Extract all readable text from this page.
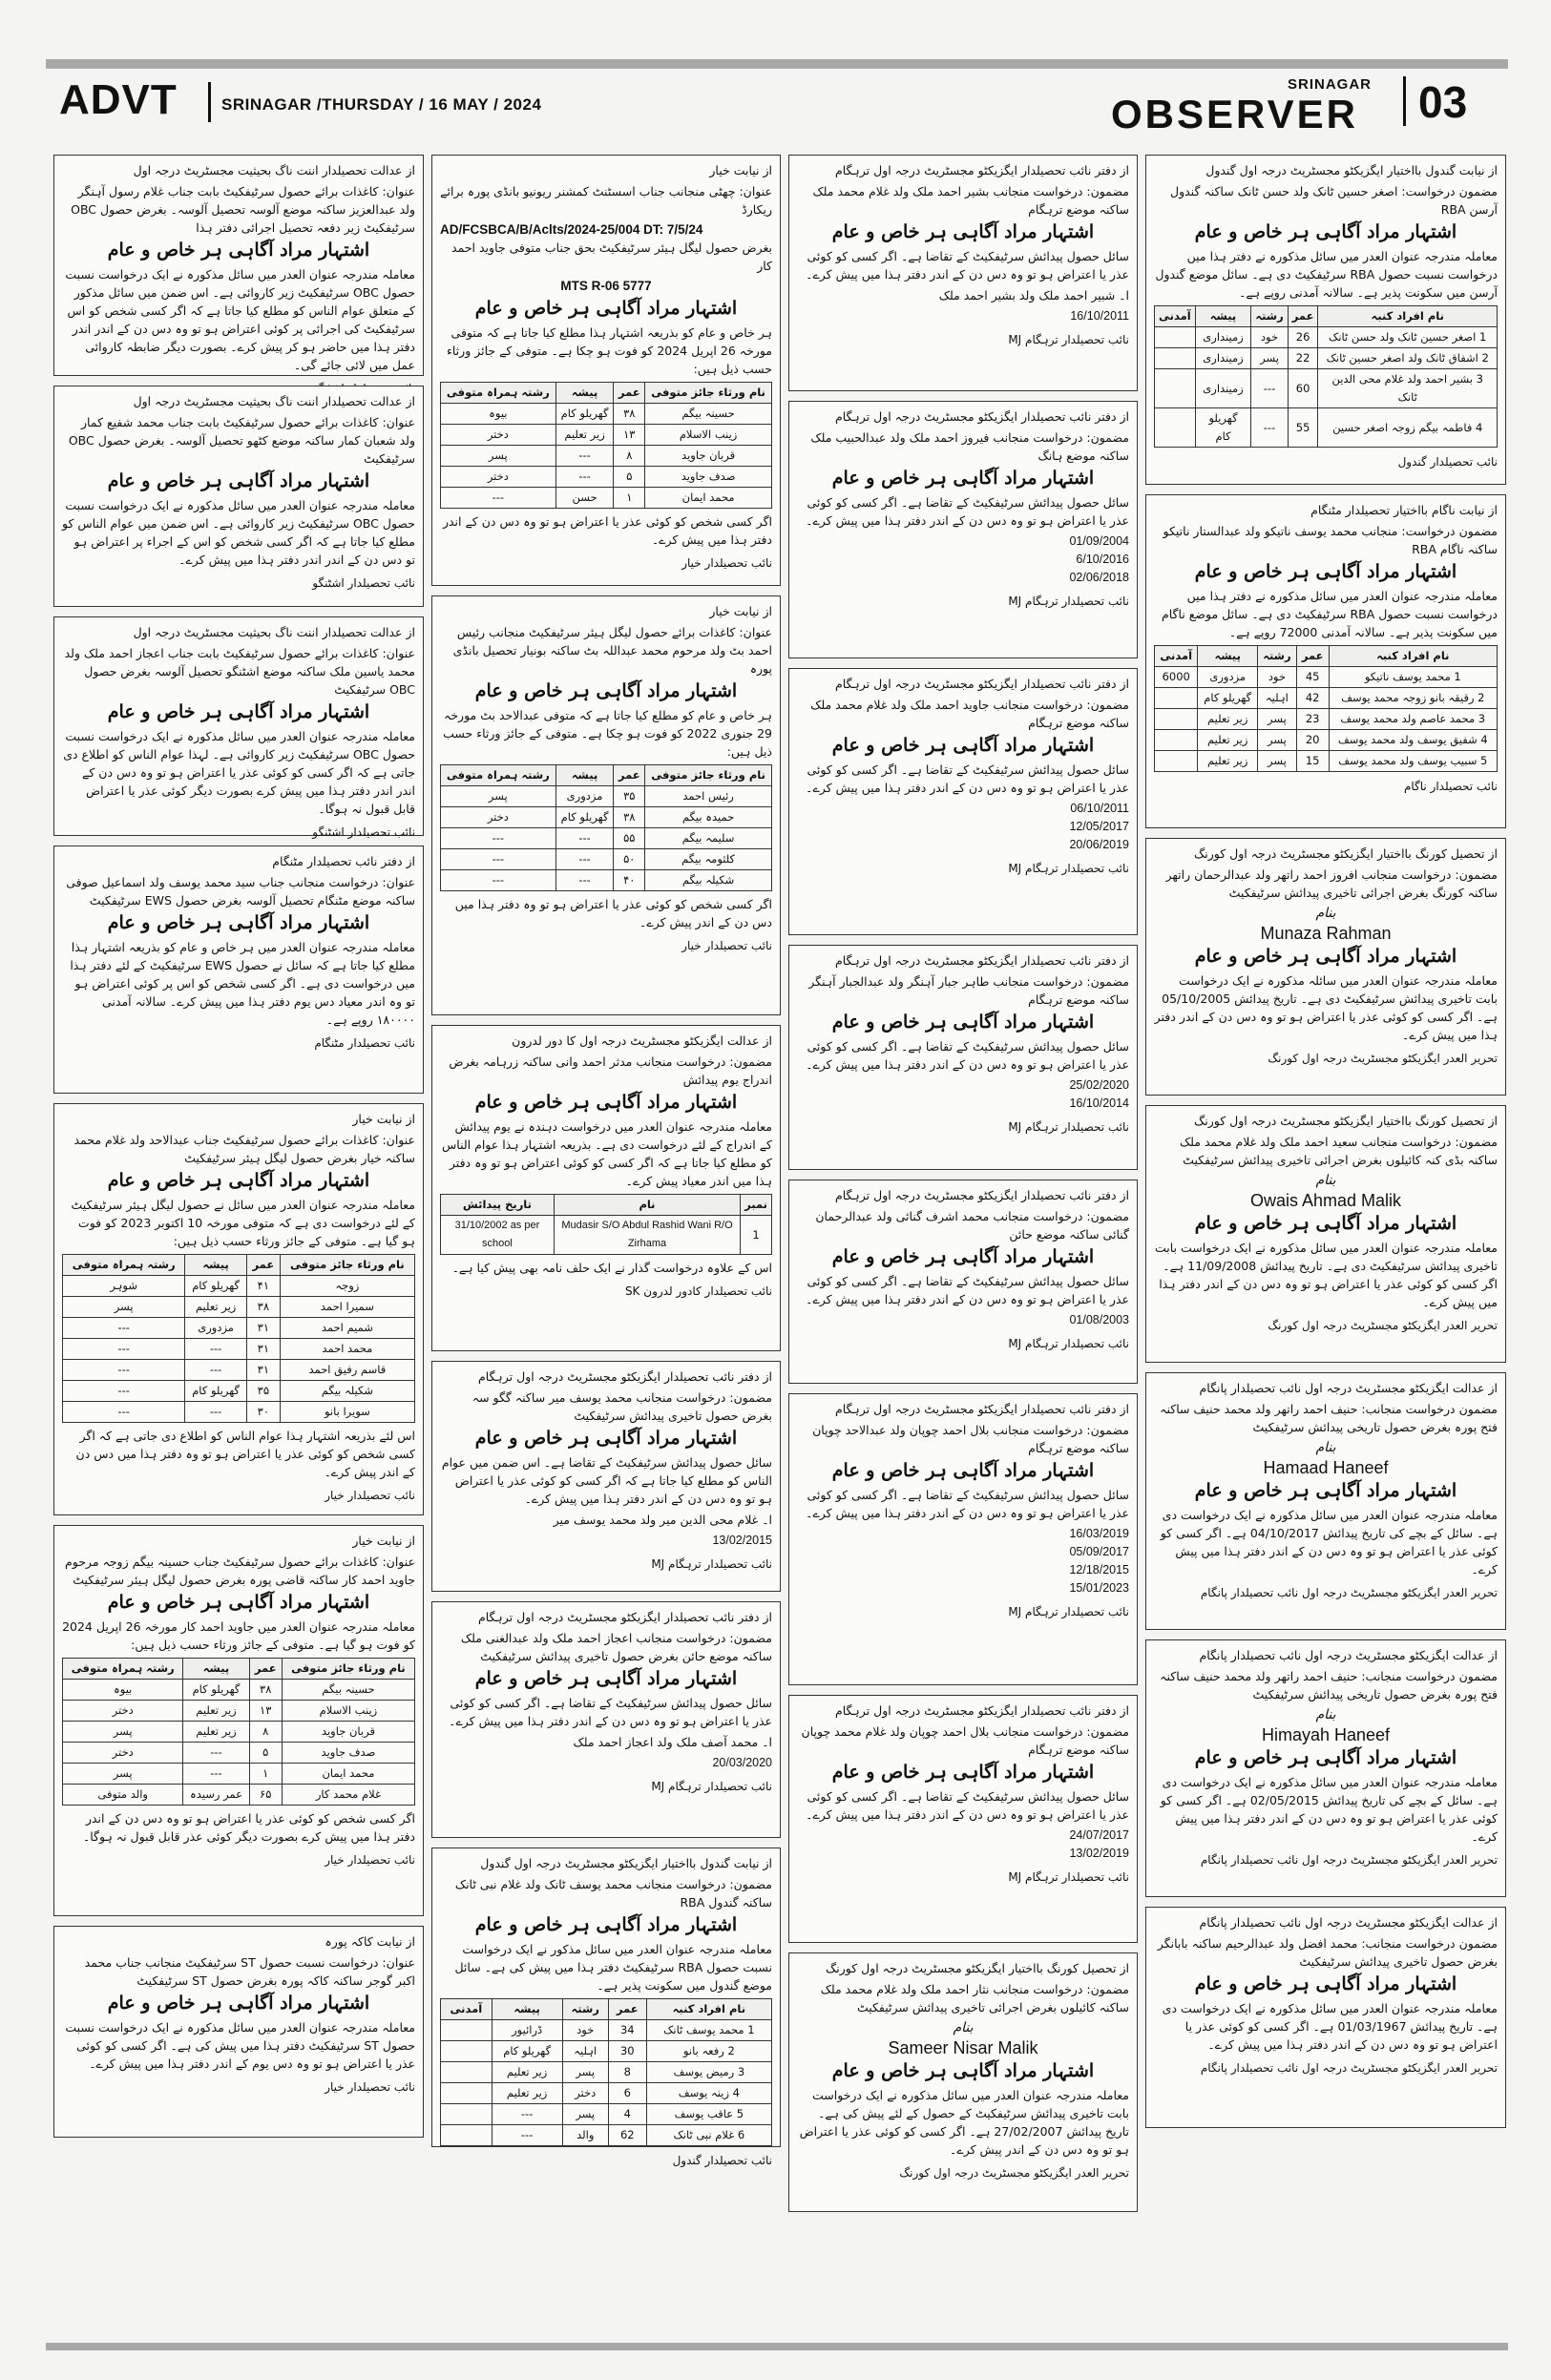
ADVT	SRINAGAR /THURSDAY / 16 MAY / 2024
SRINAGAR
OBSERVER 03

از عدالت تحصیلدار اننت ناگ بحیثیت مجسٹریٹ درجہ اول

عنوان: کاغذات برائے حصول سرٹیفکیٹ بابت جناب غلام رسول آہنگر ولد عبدالعزیز ساکنہ موضع آلوسہ تحصیل آلوسہ۔ بغرض حصول OBC سرٹیفکیٹ زیر دفعہ تحصیل اجرائی دفتر ہذا

اشتہار مراد آگاہی ہر خاص و عام

معاملہ مندرجہ عنوان العدر میں سائل مذکورہ نے ایک درخواست نسبت حصول OBC سرٹیفکیٹ زیر کاروائی ہے۔ اس ضمن میں سائل مذکور کے متعلق عوام الناس کو مطلع کیا جاتا ہے کہ اگر کسی شخص کو اس سرٹیفکیٹ کی اجرائی پر کوئی اعتراض ہو تو وہ دس دن کے اندر اندر دفتر ہذا میں حاضر ہو کر پیش کرے۔ بصورت دیگر ضابطہ کاروائی عمل میں لائی جائے گی۔

از عدالت تحصیلدار اننت ناگ بحیثیت مجسٹریٹ درجہ اول

عنوان: کاغذات برائے حصول سرٹیفکیٹ بابت جناب محمد شفیع کمار ولد شعبان کمار ساکنہ موضع کٹھو تحصیل آلوسہ۔ بغرض حصول OBC سرٹیفکیٹ

اشتہار مراد آگاہی ہر خاص و عام

معاملہ مندرجہ عنوان العدر میں سائل مذکورہ نے ایک درخواست نسبت حصول OBC سرٹیفکیٹ زیر کاروائی ہے۔ اس ضمن میں عوام الناس کو مطلع کیا جاتا ہے کہ اگر کسی شخص کو اس کے اجراء پر اعتراض ہو تو دس دن کے اندر اندر دفتر ہذا میں پیش کرے۔

نائب تحصیلدار اشٹنگو

از عدالت تحصیلدار اننت ناگ بحیثیت مجسٹریٹ درجہ اول

عنوان: کاغذات برائے حصول سرٹیفکیٹ بابت جناب اعجاز احمد ملک ولد محمد یاسین ملک ساکنہ موضع اشٹنگو تحصیل آلوسہ بغرض حصول OBC سرٹیفکیٹ

اشتہار مراد آگاہی ہر خاص و عام

معاملہ مندرجہ عنوان العدر میں سائل مذکورہ نے ایک درخواست نسبت حصول OBC سرٹیفکیٹ زیر کاروائی ہے۔ لہذا عوام الناس کو اطلاع دی جاتی ہے کہ اگر کسی کو کوئی عذر یا اعتراض ہو تو وہ دس دن کے اندر اندر دفتر ہذا میں پیش کرے بصورت دیگر کوئی عذر یا اعتراض قابل قبول نہ ہوگا۔

نائب تحصیلدار اشٹنگو

از دفتر نائب تحصیلدار مٹنگام

عنوان: درخواست منجانب جناب سید محمد یوسف ولد اسماعیل صوفی ساکنہ موضع مٹنگام تحصیل آلوسہ بغرض حصول EWS سرٹیفکیٹ

اشتہار مراد آگاہی ہر خاص و عام

معاملہ مندرجہ عنوان العدر میں ہر خاص و عام کو بذریعہ اشتہار ہذا مطلع کیا جاتا ہے کہ سائل نے حصول EWS سرٹیفکیٹ کے لئے دفتر ہذا میں درخواست دی ہے۔ اگر کسی شخص کو اس پر کوئی اعتراض ہو تو وہ اندر معیاد دس یوم دفتر ہذا میں پیش کرے۔ سالانہ آمدنی ۱۸۰۰۰۰ روپے ہے۔

نائب تحصیلدار مٹنگام

از نیابت خیار

عنوان: کاغذات برائے حصول سرٹیفکیٹ جناب عبدالاحد ولد غلام محمد ساکنہ خیار بغرض حصول لیگل ہیئر سرٹیفکیٹ

اشتہار مراد آگاہی ہر خاص و عام

معاملہ مندرجہ عنوان العدر میں سائل نے حصول لیگل ہیئر سرٹیفکیٹ کے لئے درخواست دی ہے کہ متوفی مورخہ 10 اکتوبر 2023 کو فوت ہو گیا ہے۔ متوفی کے جائز ورثاء حسب ذیل ہیں:

نام ورثاء جائز متوفی	عمر	پیشہ	رشتہ ہمراہ متوفی
زوجہ	۴۱	گھریلو کام	شوہر
سمیرا احمد	۳۸	زیر تعلیم	پسر
شمیم احمد	۳۱	مزدوری	---
محمد احمد	۳۱	---	---
قاسم رفیق احمد	۳۱	---	---
شکیلہ بیگم	۳۵	گھریلو کام	---
سویرا بانو	۳۰	---	---

اس لئے بذریعہ اشتہار ہذا عوام الناس کو اطلاع دی جاتی ہے کہ اگر کسی شخص کو کوئی عذر یا اعتراض ہو تو وہ دفتر ہذا میں دس دن کے اندر پیش کرے۔

نائب تحصیلدار خیار

از نیابت خیار

عنوان: کاغذات برائے حصول سرٹیفکیٹ جناب حسینہ بیگم زوجہ مرحوم جاوید احمد کار ساکنہ قاضی پورہ بغرض حصول لیگل ہیئر سرٹیفکیٹ

اشتہار مراد آگاہی ہر خاص و عام

معاملہ مندرجہ عنوان العدر میں جاوید احمد کار مورخہ 26 اپریل 2024 کو فوت ہو گیا ہے۔ متوفی کے جائز ورثاء حسب ذیل ہیں:

نام ورثاء جائز متوفی	عمر	پیشہ	رشتہ ہمراہ متوفی
حسینہ بیگم	۳۸	گھریلو کام	بیوہ
زینب الاسلام	۱۳	زیر تعلیم	دختر
قربان جاوید	۸	زیر تعلیم	پسر
صدف جاوید	۵	---	دختر
محمد ایمان	۱	---	پسر
غلام محمد کار	۶۵	عمر رسیدہ	والد متوفی

اگر کسی شخص کو کوئی عذر یا اعتراض ہو تو وہ دس دن کے اندر دفتر ہذا میں پیش کرے بصورت دیگر کوئی عذر قابل قبول نہ ہوگا۔

نائب تحصیلدار خیار

از نیابت کاکہ پورہ

عنوان: درخواست نسبت حصول ST سرٹیفکیٹ منجانب جناب محمد اکبر گوجر ساکنہ کاکہ پورہ بغرض حصول ST سرٹیفکیٹ

اشتہار مراد آگاہی ہر خاص و عام

معاملہ مندرجہ عنوان العدر میں سائل مذکورہ نے ایک درخواست نسبت حصول ST سرٹیفکیٹ دفتر ہذا میں پیش کی ہے۔ اگر کسی کو کوئی عذر یا اعتراض ہو تو وہ دس یوم کے اندر دفتر ہذا میں پیش کرے۔

نائب تحصیلدار خیار

از نیابت خیار

عنوان: چھٹی منجانب جناب اسسٹنٹ کمشنر ریونیو بانڈی پورہ برائے ریکارڈ

AD/FCSBCA/B/Aclts/2024-25/004 DT: 7/5/24

بغرض حصول لیگل ہیئر سرٹیفکیٹ بحق جناب متوفی جاوید احمد کار

MTS R-06 5777
اشتہار مراد آگاہی ہر خاص و عام

ہر خاص و عام کو بذریعہ اشتہار ہذا مطلع کیا جاتا ہے کہ متوفی مورخہ 26 اپریل 2024 کو فوت ہو چکا ہے۔ متوفی کے جائز ورثاء حسب ذیل ہیں:

نام ورثاء جائز متوفی	عمر	پیشہ	رشتہ ہمراہ متوفی
حسینہ بیگم	۳۸	گھریلو کام	بیوہ
زینب الاسلام	۱۳	زیر تعلیم	دختر
قربان جاوید	۸	---	پسر
صدف جاوید	۵	---	دختر
محمد ایمان	۱	حسن	---

اگر کسی شخص کو کوئی عذر یا اعتراض ہو تو وہ دس دن کے اندر دفتر ہذا میں پیش کرے۔

نائب تحصیلدار خیار

از نیابت خیار

عنوان: کاغذات برائے حصول لیگل ہیئر سرٹیفکیٹ منجانب رئیس احمد بٹ ولد مرحوم محمد عبداللہ بٹ ساکنہ بونیار تحصیل بانڈی پورہ

اشتہار مراد آگاہی ہر خاص و عام

ہر خاص و عام کو مطلع کیا جاتا ہے کہ متوفی عبدالاحد بٹ مورخہ 29 جنوری 2022 کو فوت ہو چکا ہے۔ متوفی کے جائز ورثاء حسب ذیل ہیں:

نام ورثاء جائز متوفی	عمر	پیشہ	رشتہ ہمراہ متوفی
رئیس احمد	۳۵	مزدوری	پسر
حمیدہ بیگم	۳۸	گھریلو کام	دختر
سلیمہ بیگم	۵۵	---	---
کلثومہ بیگم	۵۰	---	---
شکیلہ بیگم	۴۰	---	---

اگر کسی شخص کو کوئی عذر یا اعتراض ہو تو وہ دفتر ہذا میں دس دن کے اندر پیش کرے۔

نائب تحصیلدار خیار

از عدالت ایگزیکٹو مجسٹریٹ درجہ اول کا دور لدرون

مضمون: درخواست منجانب مدثر احمد وانی ساکنہ زرہامہ بغرض اندراج یوم پیدائش

اشتہار مراد آگاہی ہر خاص و عام

معاملہ مندرجہ عنوان العدر میں درخواست دہندہ نے یوم پیدائش کے اندراج کے لئے درخواست دی ہے۔ بذریعہ اشتہار ہذا عوام الناس کو مطلع کیا جاتا ہے کہ اگر کسی کو کوئی اعتراض ہو تو وہ دفتر ہذا میں اندر معیاد پیش کرے۔

نمبر	نام	تاریخ پیدائش
1	Mudasir S/O Abdul Rashid Wani R/O Zirhama	31/10/2002 as per school

اس کے علاوہ درخواست گذار نے ایک حلف نامہ بھی پیش کیا ہے۔

نائب تحصیلدار کادور لدرون SK

از دفتر نائب تحصیلدار ایگزیکٹو مجسٹریٹ درجہ اول ترہگام

مضمون: درخواست منجانب محمد یوسف میر ساکنہ گگو سہ بغرض حصول تاخیری پیدائش سرٹیفکیٹ

اشتہار مراد آگاہی ہر خاص و عام

سائل حصول پیدائش سرٹیفکیٹ کے تقاضا ہے۔ اس ضمن میں عوام الناس کو مطلع کیا جاتا ہے کہ اگر کسی کو کوئی عذر یا اعتراض ہو تو وہ دس دن کے اندر دفتر ہذا میں پیش کرے۔

ا۔ غلام محی الدین میر ولد محمد یوسف میر

13/02/2015
نائب تحصیلدار ترہگام MJ

از دفتر نائب تحصیلدار ایگزیکٹو مجسٹریٹ درجہ اول ترہگام

مضمون: درخواست منجانب اعجاز احمد ملک ولد عبدالغنی ملک ساکنہ موضع حائن بغرض حصول تاخیری پیدائش سرٹیفکیٹ

اشتہار مراد آگاہی ہر خاص و عام

سائل حصول پیدائش سرٹیفکیٹ کے تقاضا ہے۔ اگر کسی کو کوئی عذر یا اعتراض ہو تو وہ دس دن کے اندر دفتر ہذا میں پیش کرے۔

ا۔ محمد آصف ملک ولد اعجاز احمد ملک

20/03/2020
نائب تحصیلدار ترہگام MJ

از نیابت گندول بااختیار ایگزیکٹو مجسٹریٹ درجہ اول گندول

مضمون: درخواست منجانب محمد یوسف ٹانک ولد غلام نبی ٹانک ساکنہ گندول RBA

اشتہار مراد آگاہی ہر خاص و عام

معاملہ مندرجہ عنوان العدر میں سائل مذکور نے ایک درخواست نسبت حصول RBA سرٹیفکیٹ دفتر ہذا میں پیش کی ہے۔ سائل موضع گندول میں سکونت پذیر ہے۔

نام افراد کنبہ	عمر	رشتہ	پیشہ	آمدنی
1 محمد یوسف ٹانک	34	خود	ڈرائیور	
2 رفعہ بانو	30	اہلیہ	گھریلو کام	
3 رمیض یوسف	8	پسر	زیر تعلیم	
4 زینہ یوسف	6	دختر	زیر تعلیم	
5 عاقب یوسف	4	پسر	---	
6 غلام نبی ٹانک	62	والد	---	
نائب تحصیلدار گندول

از دفتر نائب تحصیلدار ایگزیکٹو مجسٹریٹ درجہ اول ترہگام

مضمون: درخواست منجانب بشیر احمد ملک ولد غلام محمد ملک ساکنہ موضع ترہگام

اشتہار مراد آگاہی ہر خاص و عام

سائل حصول پیدائش سرٹیفکیٹ کے تقاضا ہے۔ اگر کسی کو کوئی عذر یا اعتراض ہو تو وہ دس دن کے اندر دفتر ہذا میں پیش کرے۔

ا۔ شبیر احمد ملک ولد بشیر احمد ملک

16/10/2011
نائب تحصیلدار ترہگام MJ

از دفتر نائب تحصیلدار ایگزیکٹو مجسٹریٹ درجہ اول ترہگام

مضمون: درخواست منجانب فیروز احمد ملک ولد عبدالحبیب ملک ساکنہ موضع ہانگ

اشتہار مراد آگاہی ہر خاص و عام

سائل حصول پیدائش سرٹیفکیٹ کے تقاضا ہے۔ اگر کسی کو کوئی عذر یا اعتراض ہو تو وہ دس دن کے اندر دفتر ہذا میں پیش کرے۔

01/09/2004
6/10/2016
02/06/2018
نائب تحصیلدار ترہگام MJ

از دفتر نائب تحصیلدار ایگزیکٹو مجسٹریٹ درجہ اول ترہگام

مضمون: درخواست منجانب جاوید احمد ملک ولد غلام محمد ملک ساکنہ موضع ترہگام

اشتہار مراد آگاہی ہر خاص و عام

سائل حصول پیدائش سرٹیفکیٹ کے تقاضا ہے۔ اگر کسی کو کوئی عذر یا اعتراض ہو تو وہ دس دن کے اندر دفتر ہذا میں پیش کرے۔

06/10/2011
12/05/2017
20/06/2019
نائب تحصیلدار ترہگام MJ

از دفتر نائب تحصیلدار ایگزیکٹو مجسٹریٹ درجہ اول ترہگام

مضمون: درخواست منجانب طاہر جبار آہنگر ولد عبدالجبار آہنگر ساکنہ موضع ترہگام

اشتہار مراد آگاہی ہر خاص و عام

سائل حصول پیدائش سرٹیفکیٹ کے تقاضا ہے۔ اگر کسی کو کوئی عذر یا اعتراض ہو تو وہ دس دن کے اندر دفتر ہذا میں پیش کرے۔

25/02/2020
16/10/2014
نائب تحصیلدار ترہگام MJ

از دفتر نائب تحصیلدار ایگزیکٹو مجسٹریٹ درجہ اول ترہگام

مضمون: درخواست منجانب محمد اشرف گنائی ولد عبدالرحمان گنائی ساکنہ موضع حائن

اشتہار مراد آگاہی ہر خاص و عام

سائل حصول پیدائش سرٹیفکیٹ کے تقاضا ہے۔ اگر کسی کو کوئی عذر یا اعتراض ہو تو وہ دس دن کے اندر دفتر ہذا میں پیش کرے۔

01/08/2003
نائب تحصیلدار ترہگام MJ

از دفتر نائب تحصیلدار ایگزیکٹو مجسٹریٹ درجہ اول ترہگام

مضمون: درخواست منجانب بلال احمد چوپان ولد عبدالاحد چوپان ساکنہ موضع ترہگام

اشتہار مراد آگاہی ہر خاص و عام

سائل حصول پیدائش سرٹیفکیٹ کے تقاضا ہے۔ اگر کسی کو کوئی عذر یا اعتراض ہو تو وہ دس دن کے اندر دفتر ہذا میں پیش کرے۔

16/03/2019
05/09/2017
12/18/2015
15/01/2023
نائب تحصیلدار ترہگام MJ

از دفتر نائب تحصیلدار ایگزیکٹو مجسٹریٹ درجہ اول ترہگام

مضمون: درخواست منجانب بلال احمد چوپان ولد غلام محمد چوپان ساکنہ موضع ترہگام

اشتہار مراد آگاہی ہر خاص و عام

سائل حصول پیدائش سرٹیفکیٹ کے تقاضا ہے۔ اگر کسی کو کوئی عذر یا اعتراض ہو تو وہ دس دن کے اندر دفتر ہذا میں پیش کرے۔

24/07/2017
13/02/2019
نائب تحصیلدار ترہگام MJ

از تحصیل کورنگ بااختیار ایگزیکٹو مجسٹریٹ درجہ اول کورنگ

مضمون: درخواست منجانب نثار احمد ملک ولد غلام محمد ملک ساکنہ کائیلوں بغرض اجرائی تاخیری پیدائش سرٹیفکیٹ

بنام
Sameer Nisar Malik
اشتہار مراد آگاہی ہر خاص و عام

معاملہ مندرجہ عنوان العدر میں سائل مذکورہ نے ایک درخواست بابت تاخیری پیدائش سرٹیفکیٹ کے حصول کے لئے پیش کی ہے۔ تاریخ پیدائش 27/02/2007 ہے۔ اگر کسی کو کوئی عذر یا اعتراض ہو تو وہ دس دن کے اندر پیش کرے۔

تحریر العدر ایگزیکٹو مجسٹریٹ درجہ اول کورنگ

از نیابت گندول بااختیار ایگزیکٹو مجسٹریٹ درجہ اول گندول

مضمون درخواست: اصغر حسین ٹانک ولد حسن ٹانک ساکنہ گندول آرسن RBA

اشتہار مراد آگاہی ہر خاص و عام

معاملہ مندرجہ عنوان العدر میں سائل مذکورہ نے دفتر ہذا میں درخواست نسبت حصول RBA سرٹیفکیٹ دی ہے۔ سائل موضع گندول آرسن میں سکونت پذیر ہے۔ سالانہ آمدنی روپے ہے۔

نام افراد کنبہ	عمر	رشتہ	پیشہ	آمدنی
1 اصغر حسین ٹانک ولد حسن ٹانک	26	خود	زمینداری	
2 اشفاق ٹانک ولد اصغر حسین ٹانک	22	پسر	زمینداری	
3 بشیر احمد ولد غلام محی الدین ٹانک	60	---	زمینداری	
4 فاطمہ بیگم زوجہ اصغر حسین	55	---	گھریلو کام	
نائب تحصیلدار گندول

از نیابت ناگام بااختیار تحصیلدار مٹنگام

مضمون درخواست: منجانب محمد یوسف ناتیکو ولد عبدالستار ناتیکو ساکنہ ناگام RBA

اشتہار مراد آگاہی ہر خاص و عام

معاملہ مندرجہ عنوان العدر میں سائل مذکورہ نے دفتر ہذا میں درخواست نسبت حصول RBA سرٹیفکیٹ دی ہے۔ سائل موضع ناگام میں سکونت پذیر ہے۔ سالانہ آمدنی 72000 روپے ہے۔

نام افراد کنبہ	عمر	رشتہ	پیشہ	آمدنی
1 محمد یوسف ناتیکو	45	خود	مزدوری	6000
2 رقیقہ بانو زوجہ محمد یوسف	42	اہلیہ	گھریلو کام	
3 محمد عاصم ولد محمد یوسف	23	پسر	زیر تعلیم	
4 شفیق یوسف ولد محمد یوسف	20	پسر	زیر تعلیم	
5 سبیب یوسف ولد محمد یوسف	15	پسر	زیر تعلیم	
نائب تحصیلدار ناگام

از تحصیل کورنگ بااختیار ایگزیکٹو مجسٹریٹ درجہ اول کورنگ

مضمون: درخواست منجانب افروز احمد راتھر ولد عبدالرحمان راتھر ساکنہ کورنگ بغرض اجرائی تاخیری پیدائش سرٹیفکیٹ

بنام
Munaza Rahman
اشتہار مراد آگاہی ہر خاص و عام

معاملہ مندرجہ عنوان العدر میں سائلہ مذکورہ نے ایک درخواست بابت تاخیری پیدائش سرٹیفکیٹ دی ہے۔ تاریخ پیدائش 05/10/2005 ہے۔ اگر کسی کو کوئی عذر یا اعتراض ہو تو وہ دس دن کے اندر دفتر ہذا میں پیش کرے۔

تحریر العدر ایگزیکٹو مجسٹریٹ درجہ اول کورنگ

از تحصیل کورنگ بااختیار ایگزیکٹو مجسٹریٹ درجہ اول کورنگ

مضمون: درخواست منجانب سعید احمد ملک ولد غلام محمد ملک ساکنہ بڈی کنہ کائیلوں بغرض اجرائی تاخیری پیدائش سرٹیفکیٹ

بنام
Owais Ahmad Malik
اشتہار مراد آگاہی ہر خاص و عام

معاملہ مندرجہ عنوان العدر میں سائل مذکورہ نے ایک درخواست بابت تاخیری پیدائش سرٹیفکیٹ دی ہے۔ تاریخ پیدائش 11/09/2008 ہے۔ اگر کسی کو کوئی عذر یا اعتراض ہو تو وہ دس دن کے اندر دفتر ہذا میں پیش کرے۔

تحریر العدر ایگزیکٹو مجسٹریٹ درجہ اول کورنگ

از عدالت ایگزیکٹو مجسٹریٹ درجہ اول نائب تحصیلدار پانگام

مضمون درخواست منجانب: حنیف احمد راتھر ولد محمد حنیف ساکنہ فتح پورہ بغرض حصول تاریخی پیدائش سرٹیفکیٹ

بنام
Hamaad Haneef
اشتہار مراد آگاہی ہر خاص و عام

معاملہ مندرجہ عنوان العدر میں سائل مذکورہ نے ایک درخواست دی ہے۔ سائل کے بچے کی تاریخ پیدائش 04/10/2017 ہے۔ اگر کسی کو کوئی عذر یا اعتراض ہو تو وہ دس دن کے اندر دفتر ہذا میں پیش کرے۔

تحریر العدر ایگزیکٹو مجسٹریٹ درجہ اول نائب تحصیلدار پانگام

از عدالت ایگزیکٹو مجسٹریٹ درجہ اول نائب تحصیلدار پانگام

مضمون درخواست منجانب: حنیف احمد راتھر ولد محمد حنیف ساکنہ فتح پورہ بغرض حصول تاریخی پیدائش سرٹیفکیٹ

بنام
Himayah Haneef
اشتہار مراد آگاہی ہر خاص و عام

معاملہ مندرجہ عنوان العدر میں سائل مذکورہ نے ایک درخواست دی ہے۔ سائل کے بچے کی تاریخ پیدائش 02/05/2015 ہے۔ اگر کسی کو کوئی عذر یا اعتراض ہو تو وہ دس دن کے اندر دفتر ہذا میں پیش کرے۔

تحریر العدر ایگزیکٹو مجسٹریٹ درجہ اول نائب تحصیلدار پانگام

از عدالت ایگزیکٹو مجسٹریٹ درجہ اول نائب تحصیلدار پانگام

مضمون درخواست منجانب: محمد افضل ولد عبدالرحیم ساکنہ بابانگر بغرض حصول تاخیری پیدائش سرٹیفکیٹ

اشتہار مراد آگاہی ہر خاص و عام

معاملہ مندرجہ عنوان العدر میں سائل مذکورہ نے ایک درخواست دی ہے۔ تاریخ پیدائش 01/03/1967 ہے۔ اگر کسی کو کوئی عذر یا اعتراض ہو تو وہ دس دن کے اندر دفتر ہذا میں پیش کرے۔

تحریر العدر ایگزیکٹو مجسٹریٹ درجہ اول نائب تحصیلدار پانگام
